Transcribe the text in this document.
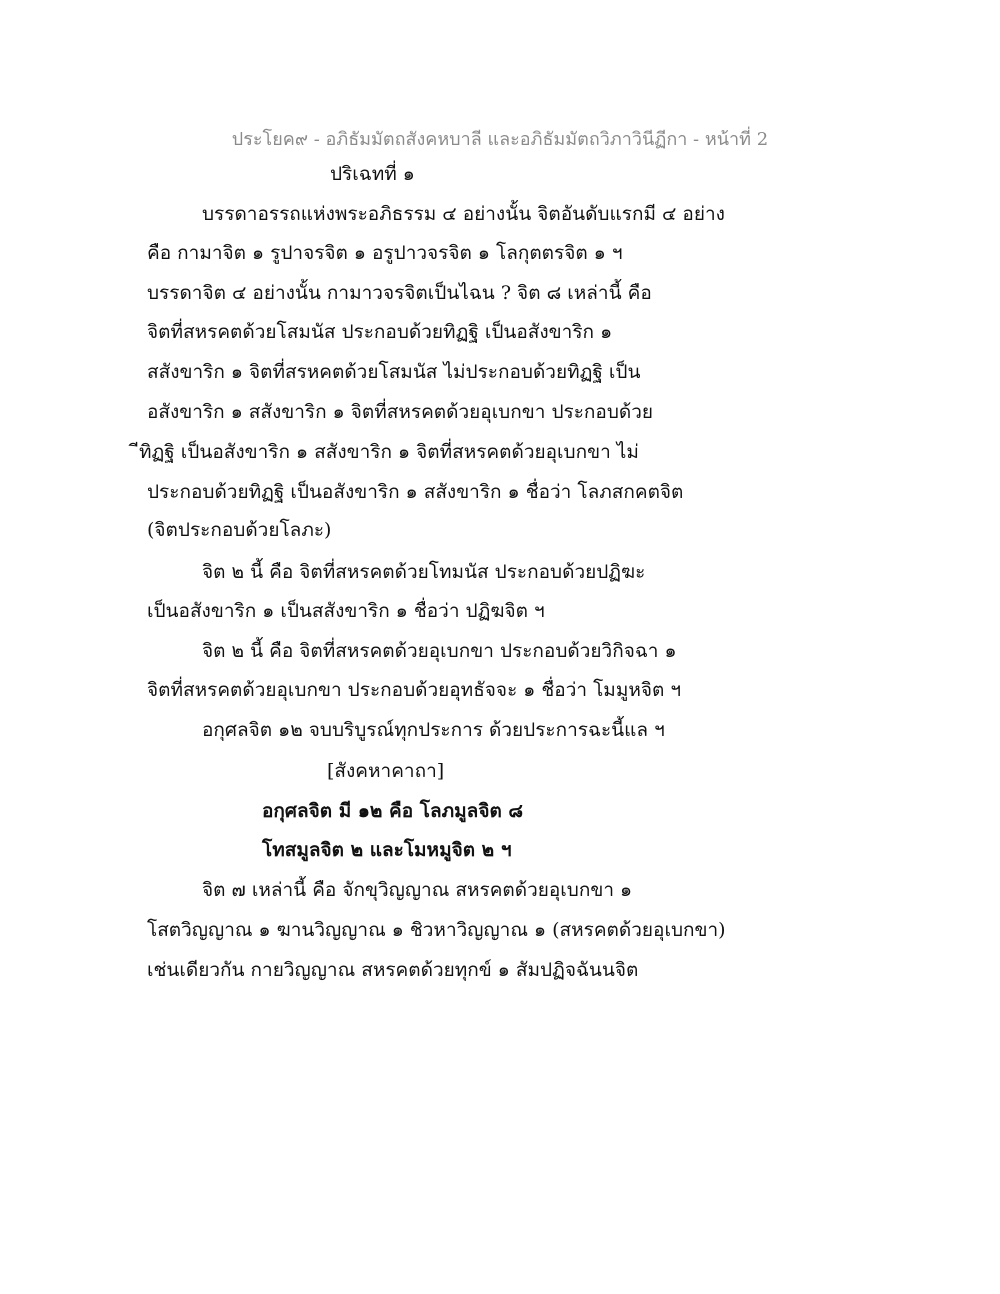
ประโยค๙ - อภิธัมมัตถสังคหบาลี และอภิธัมมัตถวิภาวินีฏีกา - หน้าที่ 2
ปริเฉทที่ ๑
บรรดาอรรถแห่งพระอภิธรรม ๔ อย่างนั้น จิตอันดับแรกมี ๔ อย่าง
คือ กามาจิต ๑ รูปาจรจิต ๑ อรูปาวจรจิต ๑ โลกุตตรจิต ๑ ฯ
บรรดาจิต ๔ อย่างนั้น กามาวจรจิตเป็นไฉน ? จิต ๘ เหล่านี้ คือ
จิตที่สหรคตด้วยโสมนัส ประกอบด้วยทิฏฐิ เป็นอสังขาริก ๑
สสังขาริก ๑ จิตที่สรหคตด้วยโสมนัส ไม่ประกอบด้วยทิฏฐิ เป็น
อสังขาริก ๑ สสังขาริก ๑ จิตที่สหรคตด้วยอุเบกขา ประกอบด้วย
ีทิฏฐิ เป็นอสังขาริก ๑ สสังขาริก ๑ จิตที่สหรคตด้วยอุเบกขา ไม่
ประกอบด้วยทิฏฐิ เป็นอสังขาริก ๑ สสังขาริก ๑ ชื่อว่า โลภสกคตจิต
(จิตประกอบด้วยโลภะ)
จิต ๒ นี้ คือ จิตที่สหรคตด้วยโทมนัส ประกอบด้วยปฏิฆะ
เป็นอสังขาริก ๑ เป็นสสังขาริก ๑ ชื่อว่า ปฏิฆจิต ฯ
จิต ๒ นี้ คือ จิตที่สหรคตด้วยอุเบกขา ประกอบด้วยวิกิจฉา ๑
จิตที่สหรคตด้วยอุเบกขา ประกอบด้วยอุทธัจจะ ๑ ชื่อว่า โมมูหจิต ฯ
อกุศลจิต ๑๒ จบบริบูรณ์ทุกประการ ด้วยประการฉะนี้แล ฯ
[สังคหาคาถา]
อกุศลจิต มี ๑๒ คือ โลภมูลจิต ๘
โทสมูลจิต ๒ และโมหมูจิต ๒ ฯ
จิต ๗ เหล่านี้ คือ จักขุวิญญาณ สหรคตด้วยอุเบกขา ๑
โสตวิญญาณ ๑ ฆานวิญญาณ ๑ ชิวหาวิญญาณ ๑ (สหรคตด้วยอุเบกขา)
เช่นเดียวกัน กายวิญญาณ สหรคตด้วยทุกข์ ๑ สัมปฏิจฉันนจิต
